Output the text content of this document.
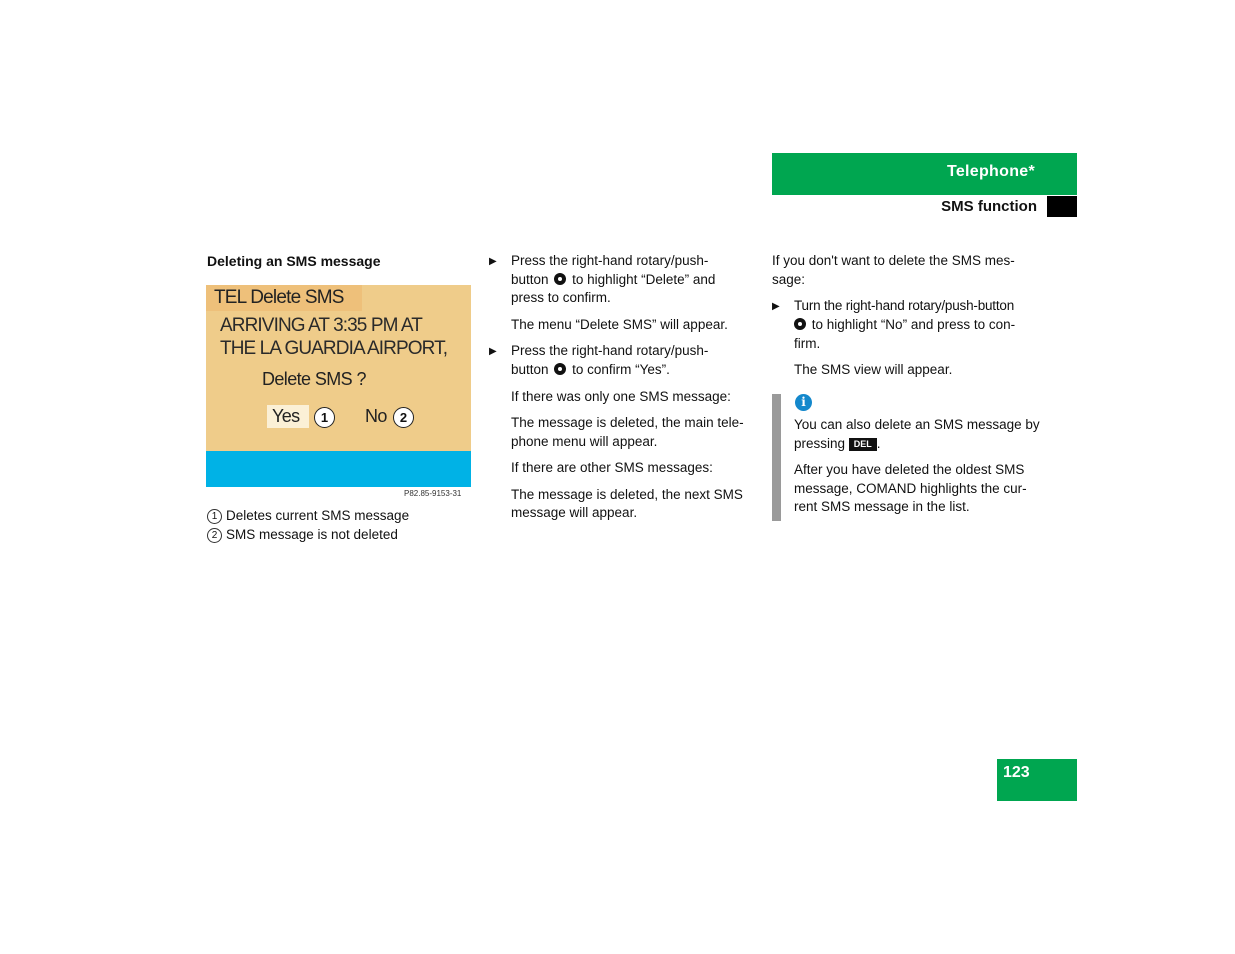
Telephone*
SMS function
Deleting an SMS message
TEL Delete SMS
ARRIVING AT 3:35 PM AT
THE LA GUARDIA AIRPORT,
Delete SMS ?
Yes	1	No	2
P82.85-9153-31
1 Deletes current SMS message
2 SMS message is not deleted
▶ Press the right-hand rotary/push-
button to highlight “Delete” and
press to confirm.
The menu “Delete SMS” will appear.
▶ Press the right-hand rotary/push-
button to confirm “Yes”.
If there was only one SMS message:
The message is deleted, the main tele-
phone menu will appear.
If there are other SMS messages:
The message is deleted, the next SMS
message will appear.
If you don't want to delete the SMS mes-
sage:
▶ Turn the right-hand rotary/push-button
to highlight “No” and press to con-
firm.
The SMS view will appear.
i
You can also delete an SMS message by
pressing DEL .
After you have deleted the oldest SMS
message, COMAND highlights the cur-
rent SMS message in the list.
123
